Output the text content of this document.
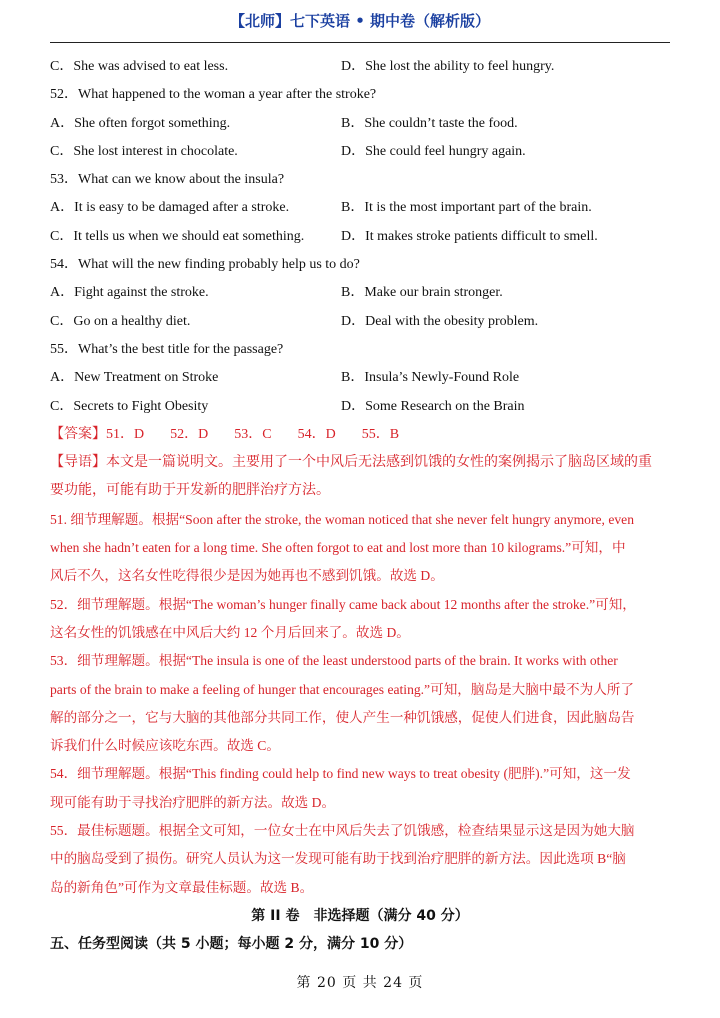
【北师】七下英语 • 期中卷（解析版）
C．She was advised to eat less.	D．She lost the ability to feel hungry.
52．What happened to the woman a year after the stroke?
A．She often forgot something.	B．She couldn’t taste the food.
C．She lost interest in chocolate.	D．She could feel hungry again.
53．What can we know about the insula?
A．It is easy to be damaged after a stroke.	B．It is the most important part of the brain.
C．It tells us when we should eat something.	D．It makes stroke patients difficult to smell.
54．What will the new finding probably help us to do?
A．Fight against the stroke.	B．Make our brain stronger.
C．Go on a healthy diet.	D．Deal with the obesity problem.
55．What’s the best title for the passage?
A．New Treatment on Stroke	B．Insula’s Newly-Found Role
C．Secrets to Fight Obesity	D．Some Research on the Brain
【答案】51．D 52．D 53．C 54．D 55．B
【导语】本文是一篇说明文。主要用了一个中风后无法感到饥饿的女性的案例揭示了脑岛区域的重
要功能，可能有助于开发新的肥胖治疗方法。
51. 细节理解题。根据“Soon after the stroke, the woman noticed that she never felt hungry anymore, even
when she hadn’t eaten for a long time. She often forgot to eat and lost more than 10 kilograms.”可知，中
风后不久，这名女性吃得很少是因为她再也不感到饥饿。故选 D。
52．细节理解题。根据“The woman’s hunger finally came back about 12 months after the stroke.”可知，
这名女性的饥饿感在中风后大约 12 个月后回来了。故选 D。
53．细节理解题。根据“The insula is one of the least understood parts of the brain. It works with other
parts of the brain to make a feeling of hunger that encourages eating.”可知，脑岛是大脑中最不为人所了
解的部分之一，它与大脑的其他部分共同工作，使人产生一种饥饿感，促使人们进食，因此脑岛告
诉我们什么时候应该吃东西。故选 C。
54．细节理解题。根据“This finding could help to find new ways to treat obesity (肥胖).”可知，这一发
现可能有助于寻找治疗肥胖的新方法。故选 D。
55．最佳标题题。根据全文可知，一位女士在中风后失去了饥饿感，检查结果显示这是因为她大脑
中的脑岛受到了损伤。研究人员认为这一发现可能有助于找到治疗肥胖的新方法。因此选项 B“脑
岛的新角色”可作为文章最佳标题。故选 B。
第 II 卷　非选择题（满分 40 分）
五、任务型阅读（共 5 小题；每小题 2 分，满分 10 分）
第 20 页 共 24 页
